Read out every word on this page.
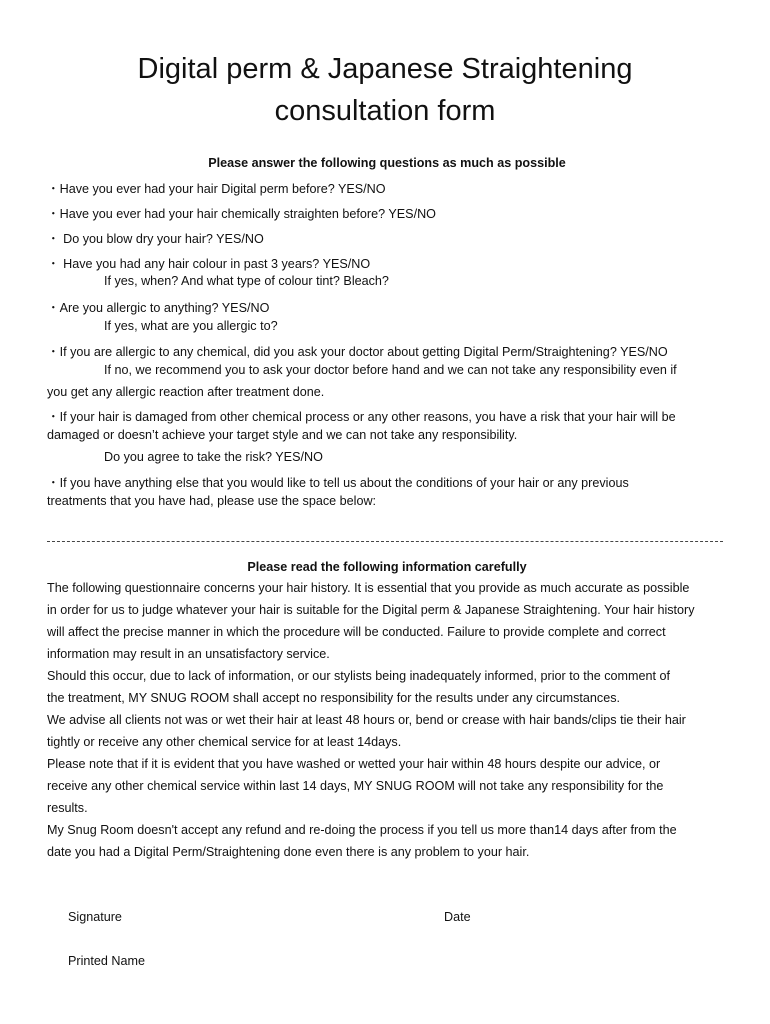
Digital perm & Japanese Straightening
consultation form
Please answer the following questions as much as possible
・Have you ever had your hair Digital perm before? YES/NO
・Have you ever had your hair chemically straighten before? YES/NO
・ Do you blow dry your hair? YES/NO
・ Have you had any hair colour in past 3 years? YES/NO
If yes, when? And what type of colour tint? Bleach?
・Are you allergic to anything? YES/NO
If yes, what are you allergic to?
・If you are allergic to any chemical, did you ask your doctor about getting Digital Perm/Straightening? YES/NO
If no, we recommend you to ask your doctor before hand and we can not take any responsibility even if
you get any allergic reaction after treatment done.
・If your hair is damaged from other chemical process or any other reasons, you have a risk that your hair will be
damaged or doesn’t achieve your target style and we can not take any responsibility.
Do you agree to take the risk? YES/NO
・If you have anything else that you would like to tell us about the conditions of your hair or any previous
treatments that you have had, please use the space below:
Please read the following information carefully
The following questionnaire concerns your hair history. It is essential that you provide as much accurate as possible
in order for us to judge whatever your hair is suitable for the Digital perm & Japanese Straightening. Your hair history
will affect the precise manner in which the procedure will be conducted. Failure to provide complete and correct
information may result in an unsatisfactory service.
Should this occur, due to lack of information, or our stylists being inadequately informed, prior to the comment of
the treatment, MY SNUG ROOM shall accept no responsibility for the results under any circumstances.
We advise all clients not was or wet their hair at least 48 hours or, bend or crease with hair bands/clips tie their hair
tightly or receive any other chemical service for at least 14days.
Please note that if it is evident that you have washed or wetted your hair within 48 hours despite our advice, or
receive any other chemical service within last 14 days, MY SNUG ROOM will not take any responsibility for the
results.
My Snug Room doesn't accept any refund and re-doing the process if you tell us more than14 days after from the
date you had a Digital Perm/Straightening done even there is any problem to your hair.
Signature	Date
Printed Name
